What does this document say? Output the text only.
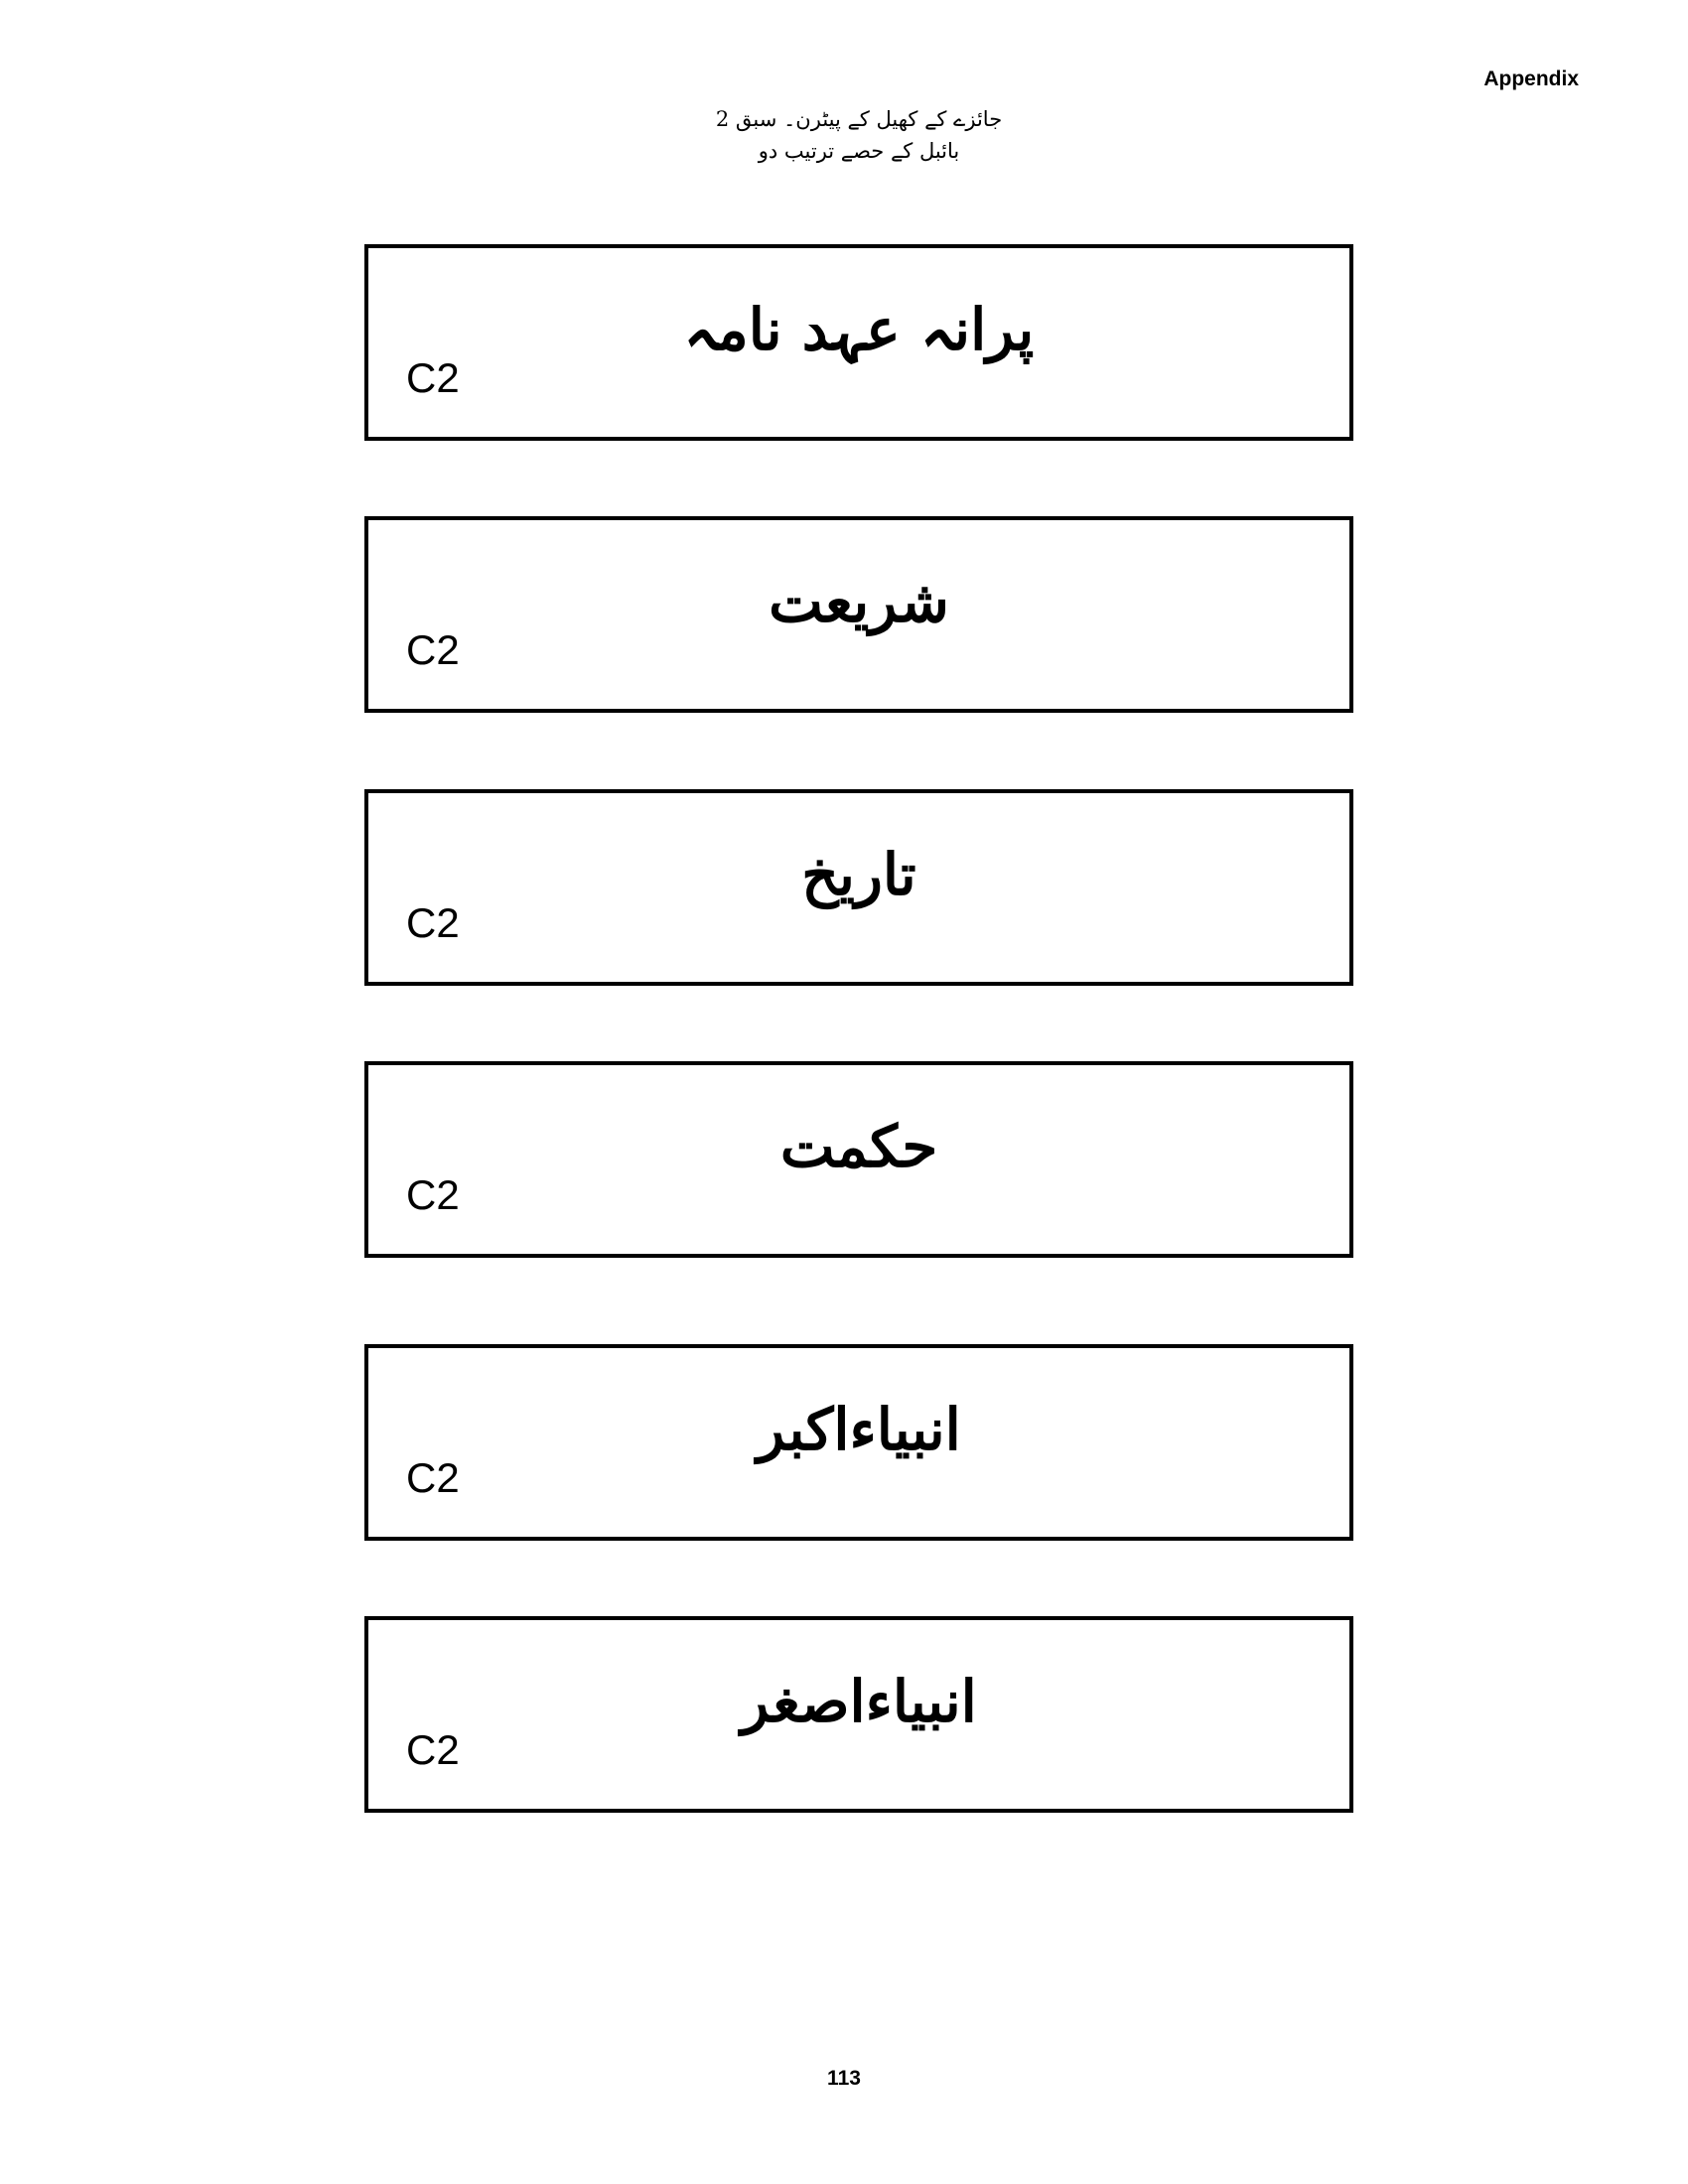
Appendix
جائزے کے کھیل کے پیٹرن۔ سبق 2
بائبل کے حصے ترتیب دو
پرانہ عہد نامہ
C2
شریعت
C2
تاریخ
C2
حکمت
C2
انبیاءاکبر
C2
انبیاءاصغر
C2
113
